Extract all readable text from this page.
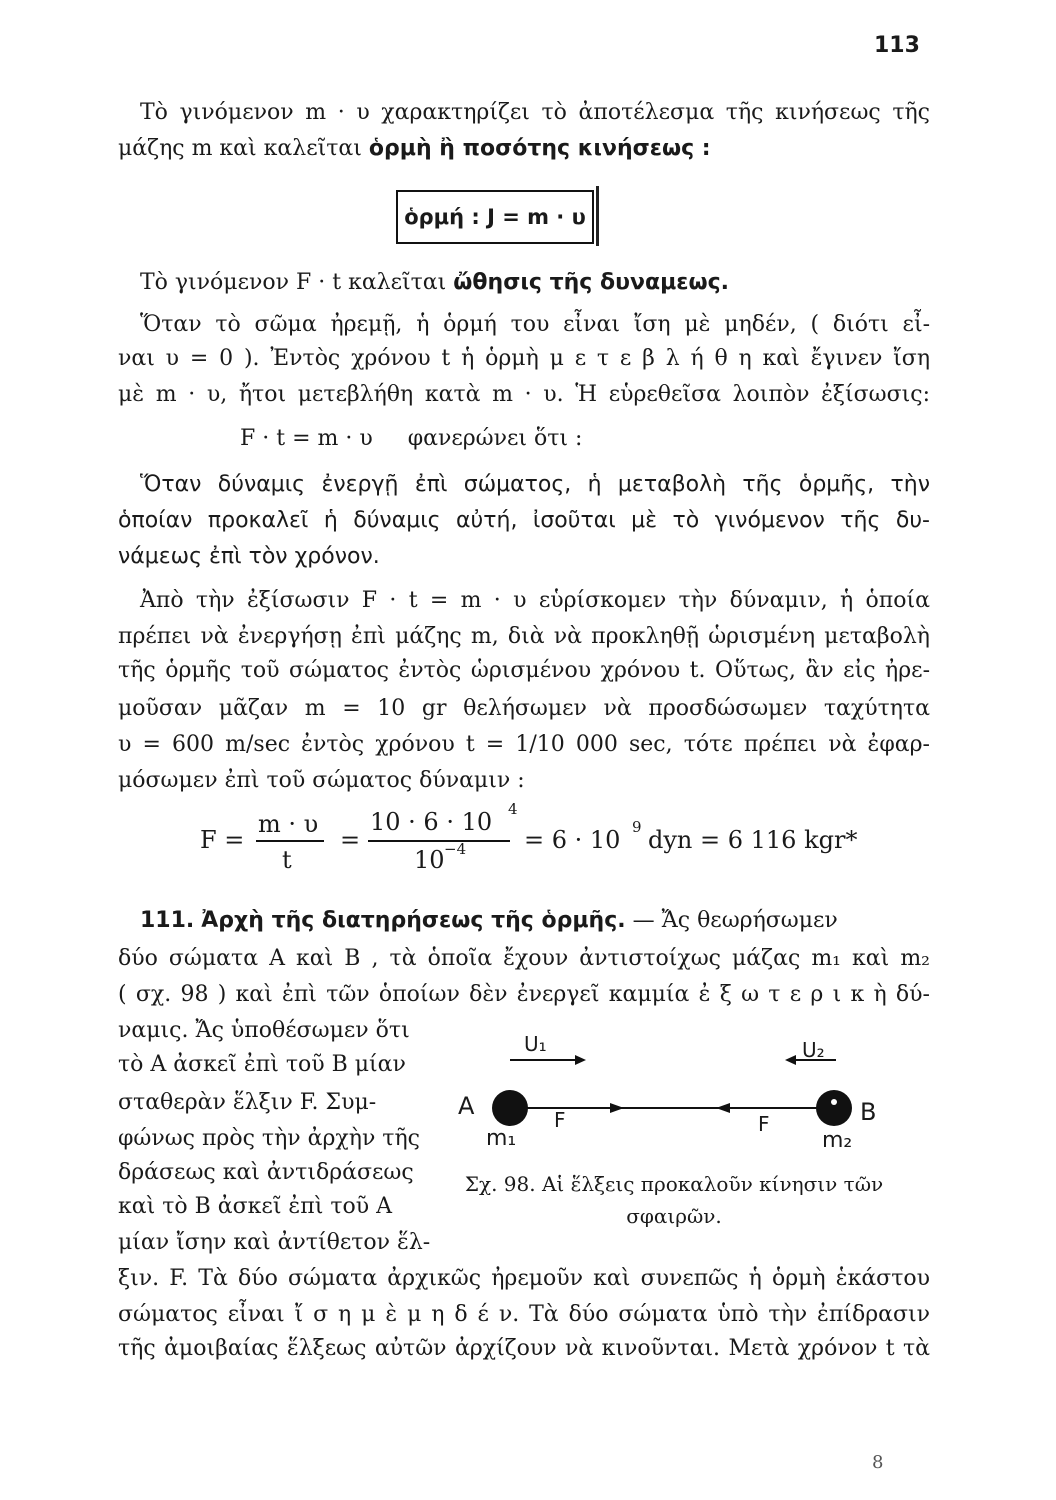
113
Τὸ γινόμενον m · υ χαρακτηρίζει τὸ ἀποτέλεσμα τῆς κινήσεως τῆς
μάζης m καὶ καλεῖται ὁρμὴ ἢ ποσότης κινήσεως :
ὁρμή : J = m · υ
Τὸ γινόμενον F · t καλεῖται ὤθησις τῆς δυναμεως.
Ὅταν τὸ σῶμα ἠρεμῇ, ἡ ὁρμή του εἶναι ἴση μὲ μηδέν, ( διότι εἶ-
ναι υ = 0 ). Ἐντὸς χρόνου t ἡ ὁρμὴ μ ε τ ε β λ ή θ η καὶ ἔγινεν ἴση
μὲ m · υ, ἤτοι μετεβλήθη κατὰ m · υ. Ἡ εὑρεθεῖσα λοιπὸν ἐξίσωσις:
F · t = m · υ φανερώνει ὅτι :
Ὅταν δύναμις ἐνεργῇ ἐπὶ σώματος, ἡ μεταβολὴ τῆς ὁρμῆς, τὴν
ὁποίαν προκαλεῖ ἡ δύναμις αὐτή, ἰσοῦται μὲ τὸ γινόμενον τῆς δυ-
νάμεως ἐπὶ τὸν χρόνον.
Ἀπὸ τὴν ἐξίσωσιν F · t = m · υ εὑρίσκομεν τὴν δύναμιν, ἡ ὁποία
πρέπει νὰ ἐνεργήσῃ ἐπὶ μάζης m, διὰ νὰ προκληθῇ ὡρισμένη μεταβολὴ
τῆς ὁρμῆς τοῦ σώματος ἐντὸς ὡρισμένου χρόνου t. Οὕτως, ἂν εἰς ἠρε-
μοῦσαν μᾶζαν m = 10 gr θελήσωμεν νὰ προσδώσωμεν ταχύτητα
υ = 600 m/sec ἐντὸς χρόνου t = 1/10 000 sec, τότε πρέπει νὰ ἐφαρ-
μόσωμεν ἐπὶ τοῦ σώματος δύναμιν :
F =
m · υ
t
=
10 · 6 · 10 4
10 −4 = 6 · 10 9 dyn = 6 116 kgr*
111. Ἀρχὴ τῆς διατηρήσεως τῆς ὁρμῆς. — Ἄς θεωρήσωμεν
δύο σώματα A καὶ B , τὰ ὁποῖα ἔχουν ἀντιστοίχως μάζας m₁ καὶ m₂
( σχ. 98 ) καὶ ἐπὶ τῶν ὁποίων δὲν ἐνεργεῖ καμμία ἐ ξ ω τ ε ρ ι κ ὴ δύ-
ναμις. Ἄς ὑποθέσωμεν ὅτι
τὸ A ἀσκεῖ ἐπὶ τοῦ B μίαν
σταθερὰν ἕλξιν F. Συμ-
φώνως πρὸς τὴν ἀρχὴν τῆς
δράσεως καὶ ἀντιδράσεως
καὶ τὸ B ἀσκεῖ ἐπὶ τοῦ A
μίαν ἴσην καὶ ἀντίθετον ἕλ-
A	B
m₁	m₂
F	F
U₁	U₂
Σχ. 98. Αἱ ἕλξεις προκαλοῦν κίνησιν τῶν
σφαιρῶν.
ξιν. F. Τὰ δύο σώματα ἀρχικῶς ἠρεμοῦν καὶ συνεπῶς ἡ ὁρμὴ ἑκάστου
σώματος εἶναι ἴ σ η μ ὲ μ η δ έ ν. Τὰ δύο σώματα ὑπὸ τὴν ἐπίδρασιν
τῆς ἀμοιβαίας ἕλξεως αὐτῶν ἀρχίζουν νὰ κινοῦνται. Μετὰ χρόνον t τὰ
8
